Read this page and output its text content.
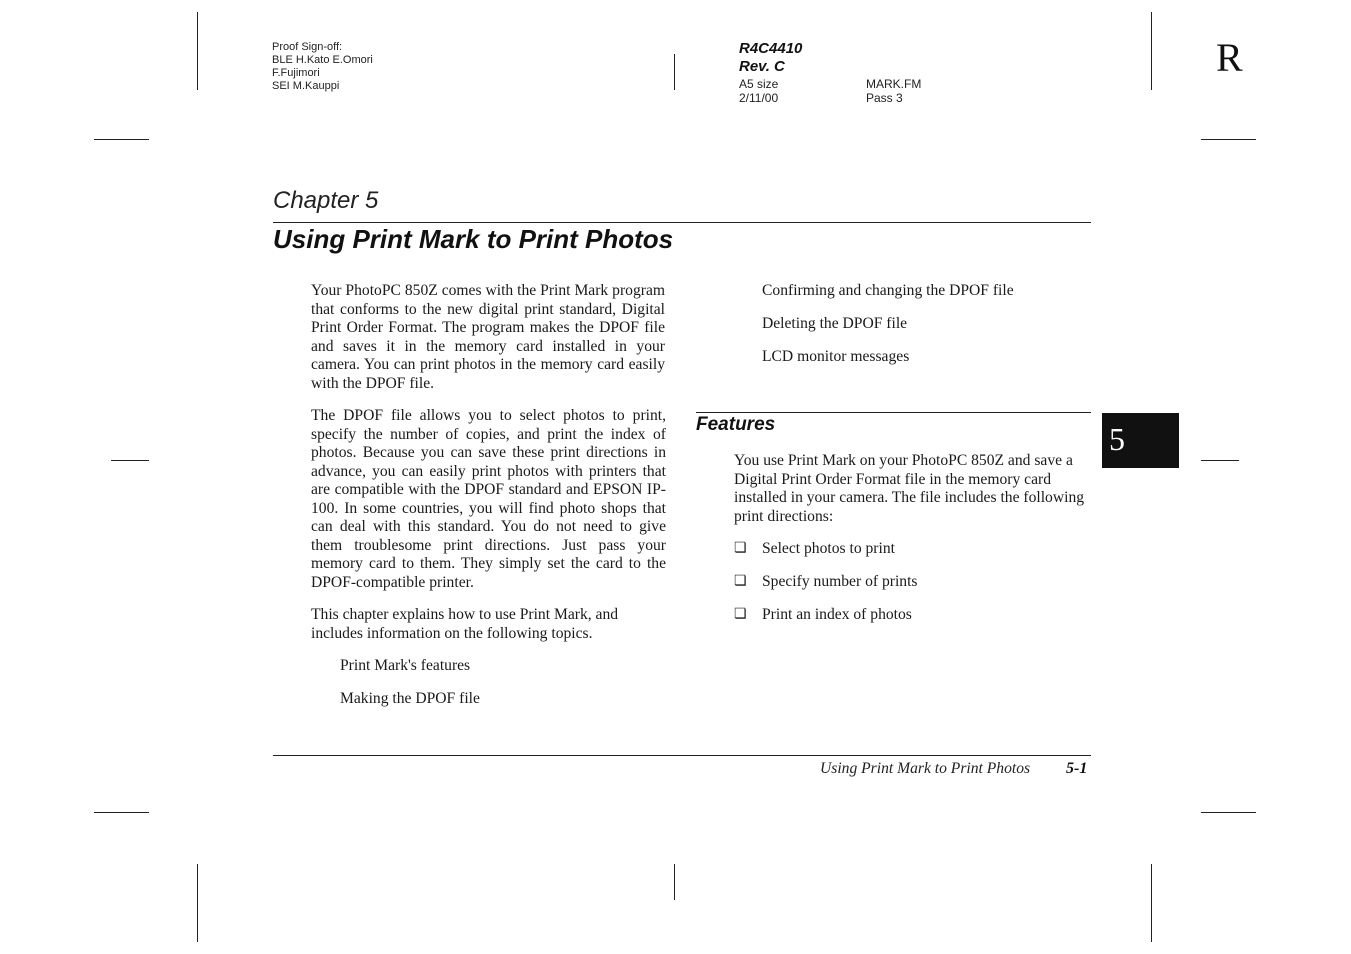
Proof Sign-off:
BLE H.Kato E.Omori
F.Fujimori
SEI M.Kauppi
R4C4410
Rev. C
A5 size
2/11/00
MARK.FM
Pass 3
R
Chapter 5
Using Print Mark to Print Photos
Your PhotoPC 850Z comes with the Print Mark program that conforms to the new digital print standard, Digital Print Order Format. The program makes the DPOF file and saves it in the memory card installed in your camera. You can print photos in the memory card easily with the DPOF file.
The DPOF file allows you to select photos to print, specify the number of copies, and print the index of photos. Because you can save these print directions in advance, you can easily print photos with printers that are compatible with the DPOF standard and EPSON IP-100. In some countries, you will find photo shops that can deal with this standard. You do not need to give them troublesome print directions. Just pass your memory card to them. They simply set the card to the DPOF-compatible printer.
This chapter explains how to use Print Mark, and includes information on the following topics.
Print Mark's features
Making the DPOF file
Confirming and changing the DPOF file
Deleting the DPOF file
LCD monitor messages
Features
You use Print Mark on your PhotoPC 850Z and save a Digital Print Order Format file in the memory card installed in your camera. The file includes the following print directions:
❏ Select photos to print
❏ Specify number of prints
❏ Print an index of photos
5
Using Print Mark to Print Photos 5-1
